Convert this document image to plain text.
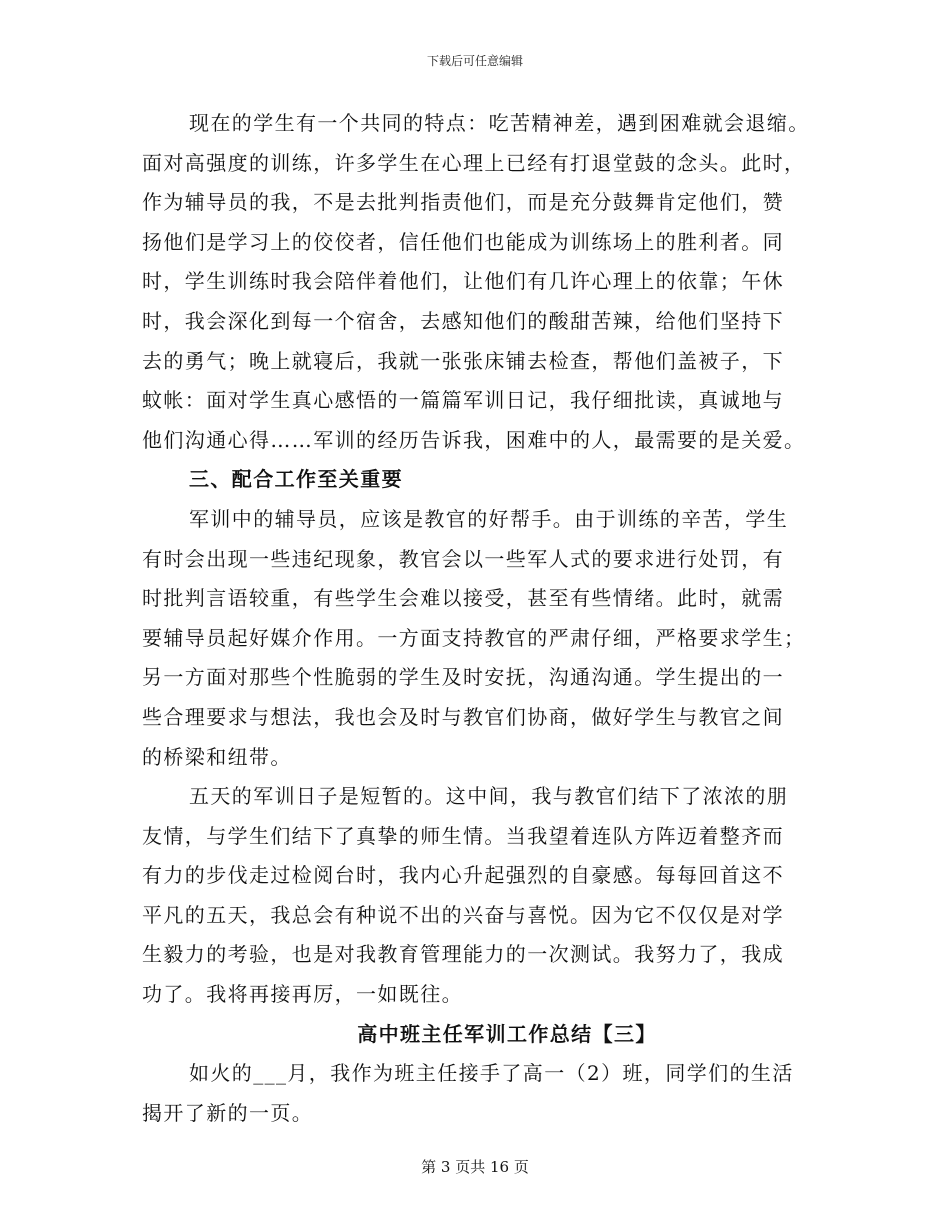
下载后可任意编辑
现在的学生有一个共同的特点：吃苦精神差，遇到困难就会退缩。
面对高强度的训练，许多学生在心理上已经有打退堂鼓的念头。此时，
作为辅导员的我，不是去批判指责他们，而是充分鼓舞肯定他们，赞
扬他们是学习上的佼佼者，信任他们也能成为训练场上的胜利者。同
时，学生训练时我会陪伴着他们，让他们有几许心理上的依靠；午休
时，我会深化到每一个宿舍，去感知他们的酸甜苦辣，给他们坚持下
去的勇气；晚上就寝后，我就一张张床铺去检查，帮他们盖被子，下
蚊帐：面对学生真心感悟的一篇篇军训日记，我仔细批读，真诚地与
他们沟通心得……军训的经历告诉我，困难中的人，最需要的是关爱。
三、配合工作至关重要
军训中的辅导员，应该是教官的好帮手。由于训练的辛苦，学生
有时会出现一些违纪现象，教官会以一些军人式的要求进行处罚，有
时批判言语较重，有些学生会难以接受，甚至有些情绪。此时，就需
要辅导员起好媒介作用。一方面支持教官的严肃仔细，严格要求学生；
另一方面对那些个性脆弱的学生及时安抚，沟通沟通。学生提出的一
些合理要求与想法，我也会及时与教官们协商，做好学生与教官之间
的桥梁和纽带。
五天的军训日子是短暂的。这中间，我与教官们结下了浓浓的朋
友情，与学生们结下了真挚的师生情。当我望着连队方阵迈着整齐而
有力的步伐走过检阅台时，我内心升起强烈的自豪感。每每回首这不
平凡的五天，我总会有种说不出的兴奋与喜悦。因为它不仅仅是对学
生毅力的考验，也是对我教育管理能力的一次测试。我努力了，我成
功了。我将再接再厉，一如既往。
高中班主任军训工作总结【三】
如火的___月，我作为班主任接手了高一（2）班，同学们的生活
揭开了新的一页。
第 3 页共 16 页
